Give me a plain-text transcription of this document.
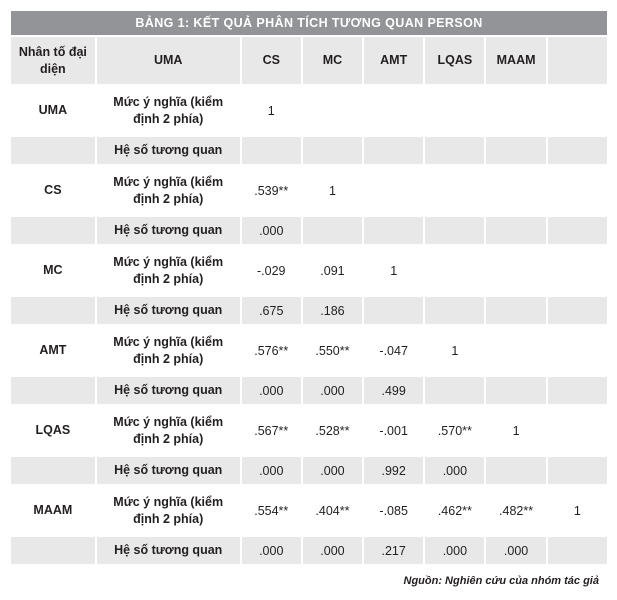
BẢNG 1: KẾT QUẢ PHÂN TÍCH TƯƠNG QUAN PERSON							
Nhân tố đại diện	UMA	CS	MC	AMT	LQAS	MAAM	
UMA	Mức ý nghĩa (kiểm định 2 phía)	1					
	Hệ số tương quan						
CS	Mức ý nghĩa (kiểm định 2 phía)	.539**	1				
	Hệ số tương quan	.000					
MC	Mức ý nghĩa (kiểm định 2 phía)	-.029	.091	1			
	Hệ số tương quan	.675	.186				
AMT	Mức ý nghĩa (kiểm định 2 phía)	.576**	.550**	-.047	1		
	Hệ số tương quan	.000	.000	.499			
LQAS	Mức ý nghĩa (kiểm định 2 phía)	.567**	.528**	-.001	.570**	1	
	Hệ số tương quan	.000	.000	.992	.000		
MAAM	Mức ý nghĩa (kiểm định 2 phía)	.554**	.404**	-.085	.462**	.482**	1
	Hệ số tương quan	.000	.000	.217	.000	.000	
Nguồn: Nghiên cứu của nhóm tác giả
